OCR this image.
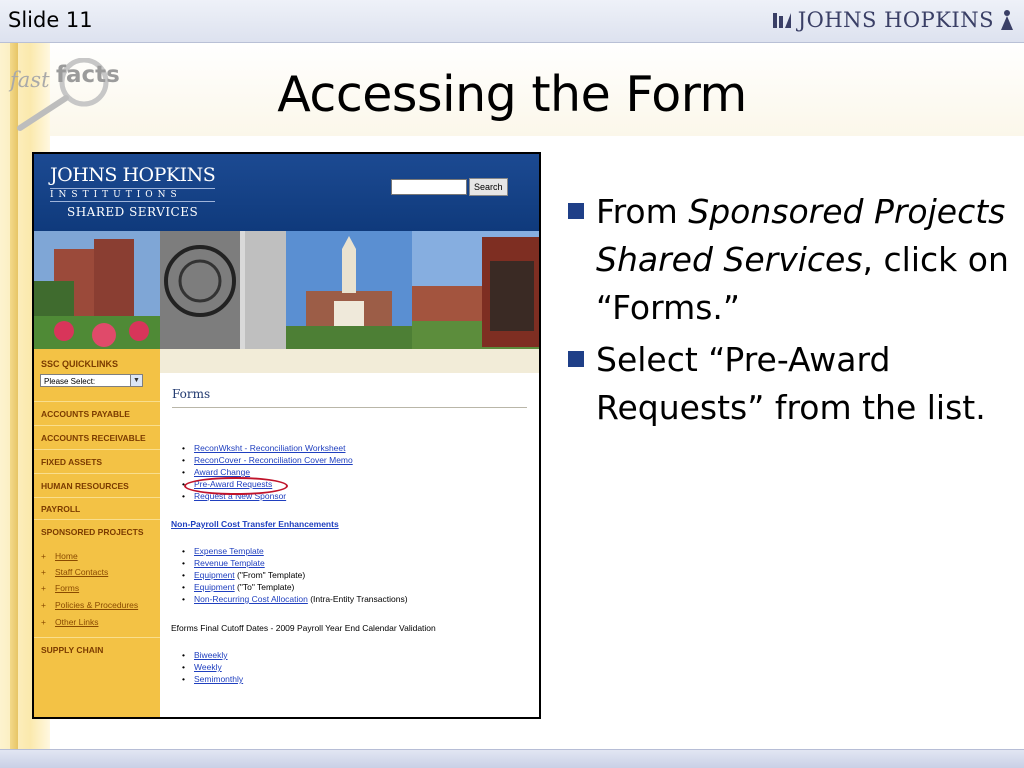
Slide 11	JOHNS HOPKINS
fast facts	Accessing the Form
JOHNS HOPKINS
INSTITUTIONS
SHARED SERVICES
Search
SSC QUICKLINKS
Please Select:	▼
ACCOUNTS PAYABLE
ACCOUNTS RECEIVABLE
FIXED ASSETS
HUMAN RESOURCES
PAYROLL
SPONSORED PROJECTS
+ Home
+ Staff Contacts
+ Forms
+ Policies & Procedures
+ Other Links
SUPPLY CHAIN
Forms
• ReconWksht - Reconciliation Worksheet
• ReconCover - Reconciliation Cover Memo
• Award Change
• Pre-Award Requests
• Request a New Sponsor
Non-Payroll Cost Transfer Enhancements
• Expense Template
• Revenue Template
• Equipment ("From" Template)
• Equipment ("To" Template)
• Non-Recurring Cost Allocation (Intra-Entity Transactions)
Eforms Final Cutoff Dates - 2009 Payroll Year End Calendar Validation
• Biweekly
• Weekly
• Semimonthly
From Sponsored Projects Shared Services, click on “Forms.”
Select “Pre-Award Requests” from the list.
